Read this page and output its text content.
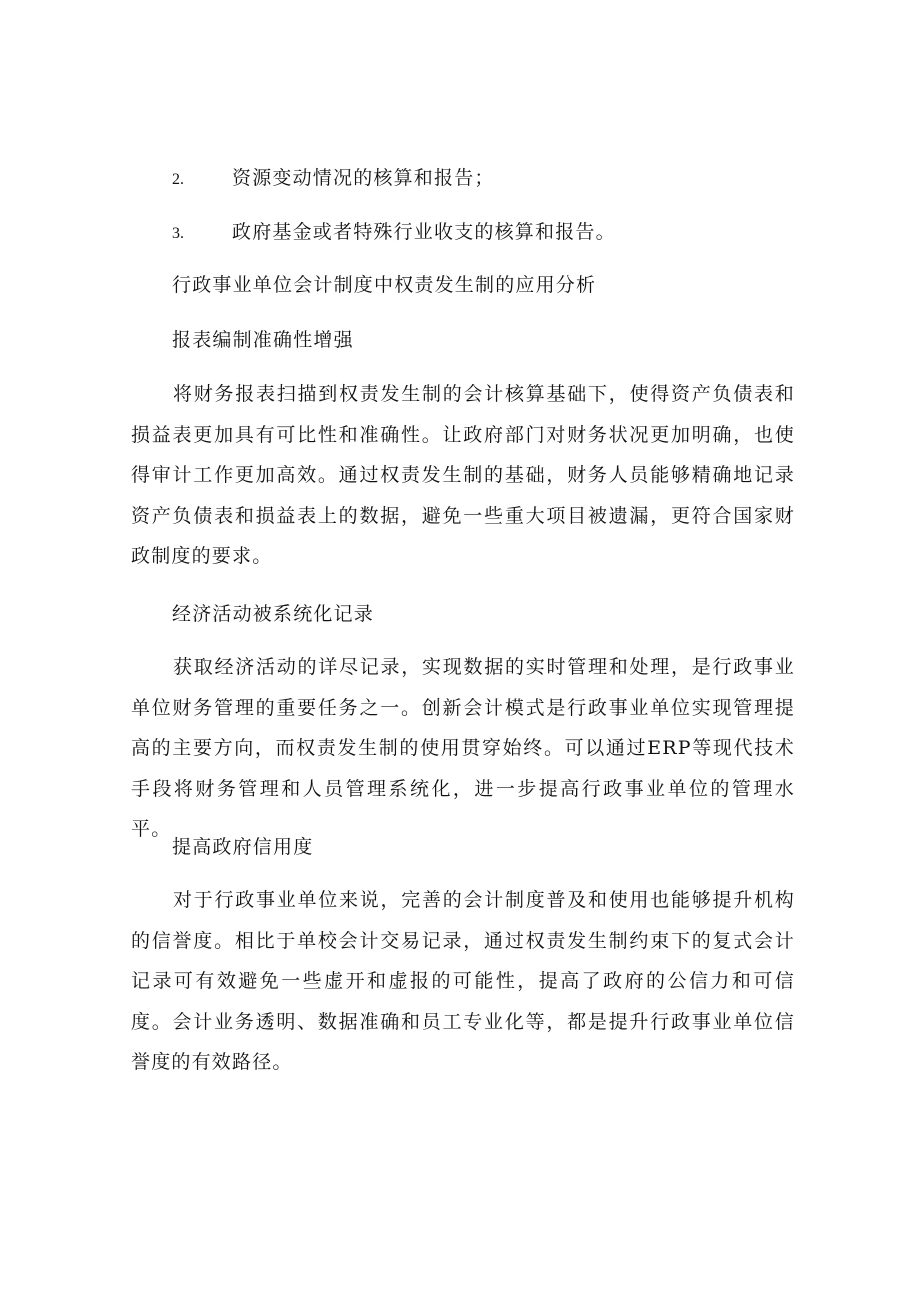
2.	资源变动情况的核算和报告；
3.	政府基金或者特殊行业收支的核算和报告。
行政事业单位会计制度中权责发生制的应用分析
报表编制准确性增强

将财务报表扫描到权责发生制的会计核算基础下，使得资产负债表和损益表更加具有可比性和准确性。让政府部门对财务状况更加明确，也使得审计工作更加高效。通过权责发生制的基础，财务人员能够精确地记录资产负债表和损益表上的数据，避免一些重大项目被遗漏，更符合国家财政制度的要求。

经济活动被系统化记录

获取经济活动的详尽记录，实现数据的实时管理和处理，是行政事业单位财务管理的重要任务之一。创新会计模式是行政事业单位实现管理提高的主要方向，而权责发生制的使用贯穿始终。可以通过ERP等现代技术手段将财务管理和人员管理系统化，进一步提高行政事业单位的管理水平。

提高政府信用度

对于行政事业单位来说，完善的会计制度普及和使用也能够提升机构的信誉度。相比于单校会计交易记录，通过权责发生制约束下的复式会计记录可有效避免一些虚开和虚报的可能性，提高了政府的公信力和可信度。会计业务透明、数据准确和员工专业化等，都是提升行政事业单位信誉度的有效路径。
